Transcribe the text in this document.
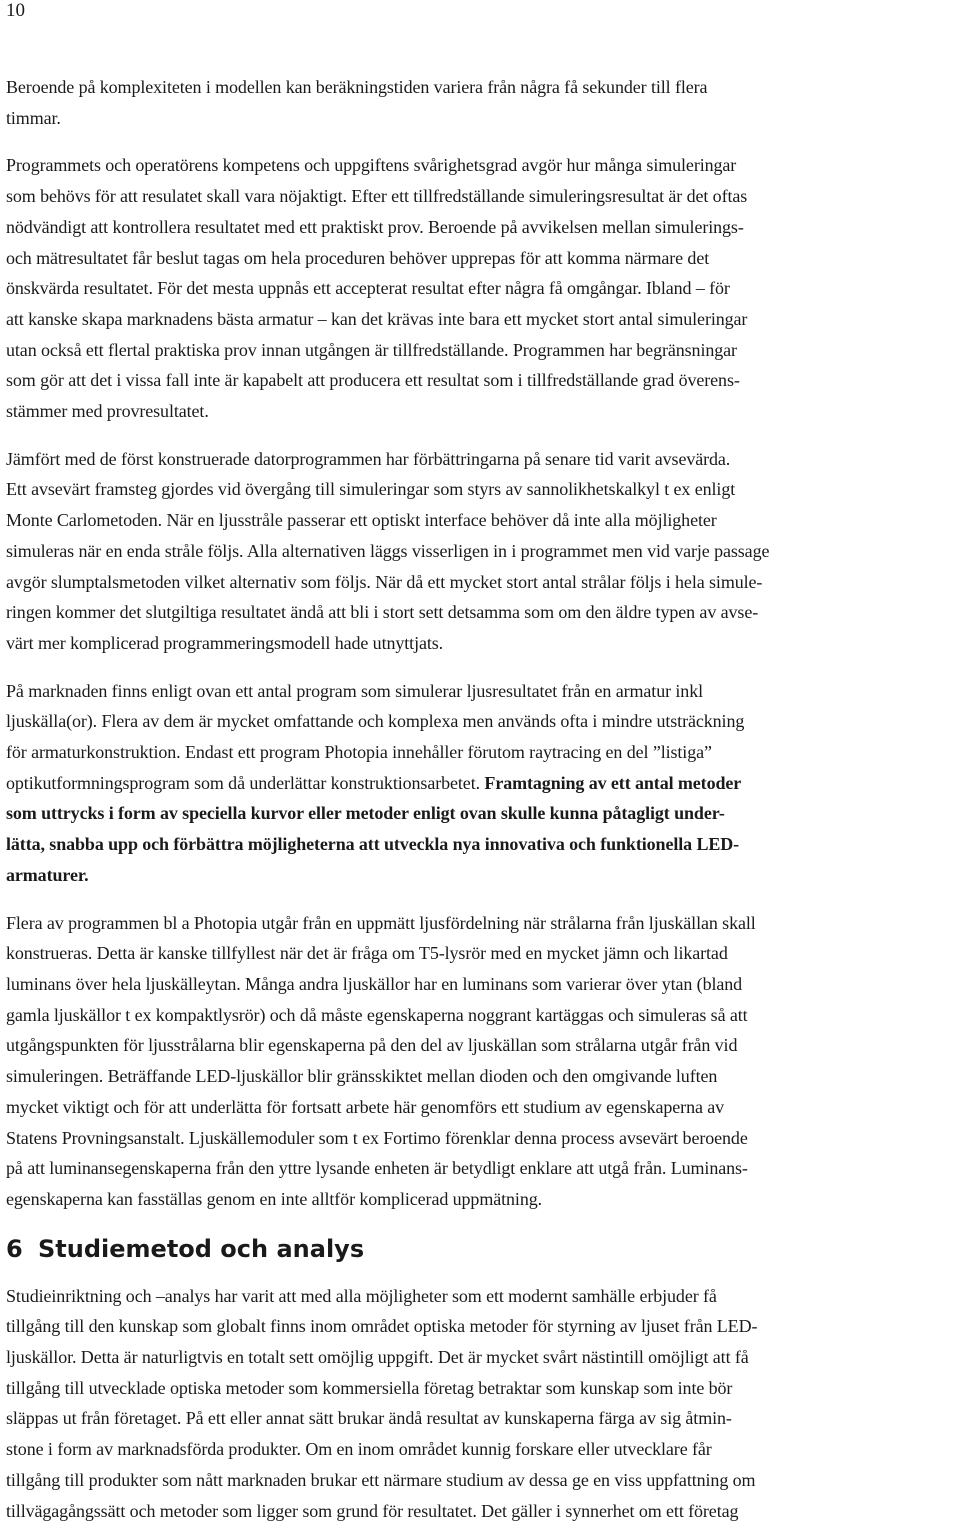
10

Beroende på komplexiteten i modellen kan beräkningstiden variera från några få sekunder till flera
timmar.

Programmets och operatörens kompetens och uppgiftens svårighetsgrad avgör hur många simuleringar
som behövs för att resulatet skall vara nöjaktigt. Efter ett tillfredställande simuleringsresultat är det oftas
nödvändigt att kontrollera resultatet med ett praktiskt prov. Beroende på avvikelsen mellan simulerings-
och mätresultatet får beslut tagas om hela proceduren behöver upprepas för att komma närmare det
önskvärda resultatet. För det mesta uppnås ett accepterat resultat efter några få omgångar. Ibland – för
att kanske skapa marknadens bästa armatur – kan det krävas inte bara ett mycket stort antal simuleringar
utan också ett flertal praktiska prov innan utgången är tillfredställande. Programmen har begränsningar
som gör att det i vissa fall inte är kapabelt att producera ett resultat som i tillfredställande grad överens-
stämmer med provresultatet.

Jämfört med de först konstruerade datorprogrammen har förbättringarna på senare tid varit avsevärda.
Ett avsevärt framsteg gjordes vid övergång till simuleringar som styrs av sannolikhetskalkyl t ex enligt
Monte Carlometoden. När en ljusstråle passerar ett optiskt interface behöver då inte alla möjligheter
simuleras när en enda stråle följs. Alla alternativen läggs visserligen in i programmet men vid varje passage
avgör slumptalsmetoden vilket alternativ som följs. När då ett mycket stort antal strålar följs i hela simule-
ringen kommer det slutgiltiga resultatet ändå att bli i stort sett detsamma som om den äldre typen av avse-
värt mer komplicerad programmeringsmodell hade utnyttjats.

På marknaden finns enligt ovan ett antal program som simulerar ljusresultatet från en armatur inkl
ljuskälla(or). Flera av dem är mycket omfattande och komplexa men används ofta i mindre utsträckning
för armaturkonstruktion. Endast ett program Photopia innehåller förutom raytracing en del ”listiga”
optikutformningsprogram som då underlättar konstruktionsarbetet. Framtagning av ett antal metoder
som uttrycks i form av speciella kurvor eller metoder enligt ovan skulle kunna påtagligt under-
lätta, snabba upp och förbättra möjligheterna att utveckla nya innovativa och funktionella LED-
armaturer.

Flera av programmen bl a Photopia utgår från en uppmätt ljusfördelning när strålarna från ljuskällan skall
konstrueras. Detta är kanske tillfyllest när det är fråga om T5-lysrör med en mycket jämn och likartad
luminans över hela ljuskälleytan. Många andra ljuskällor har en luminans som varierar över ytan (bland
gamla ljuskällor t ex kompaktlysrör) och då måste egenskaperna noggrant kartäggas och simuleras så att
utgångspunkten för ljusstrålarna blir egenskaperna på den del av ljuskällan som strålarna utgår från vid
simuleringen. Beträffande LED-ljuskällor blir gränsskiktet mellan dioden och den omgivande luften
mycket viktigt och för att underlätta för fortsatt arbete här genomförs ett studium av egenskaperna av
Statens Provningsanstalt. Ljuskällemoduler som t ex Fortimo förenklar denna process avsevärt beroende
på att luminansegenskaperna från den yttre lysande enheten är betydligt enklare att utgå från. Luminans-
egenskaperna kan fasställas genom en inte alltför komplicerad uppmätning.

6 Studiemetod och analys

Studieinriktning och –analys har varit att med alla möjligheter som ett modernt samhälle erbjuder få
tillgång till den kunskap som globalt finns inom området optiska metoder för styrning av ljuset från LED-
ljuskällor. Detta är naturligtvis en totalt sett omöjlig uppgift. Det är mycket svårt nästintill omöjligt att få
tillgång till utvecklade optiska metoder som kommersiella företag betraktar som kunskap som inte bör
släppas ut från företaget. På ett eller annat sätt brukar ändå resultat av kunskaperna färga av sig åtmin-
stone i form av marknadsförda produkter. Om en inom området kunnig forskare eller utvecklare får
tillgång till produkter som nått marknaden brukar ett närmare studium av dessa ge en viss uppfattning om
tillvägagångssätt och metoder som ligger som grund för resultatet. Det gäller i synnerhet om ett företag
